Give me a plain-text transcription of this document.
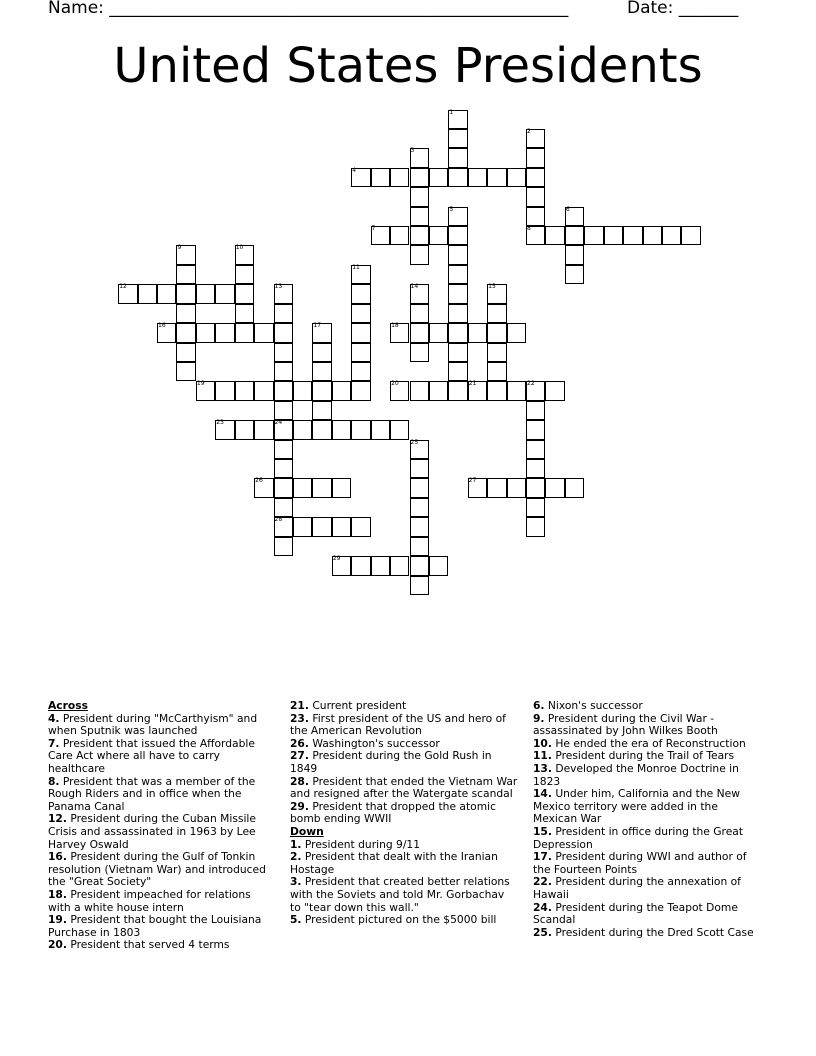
Name: ______________________________________________________	Date: _______
United States Presidents
1
2
3
4
5	6
7	8
9	10
11
12	13	14	15
16	17	18
19	20	21	22
23	24
25
26	27
28
29
Across
4. President during "McCarthyism" and when Sputnik was launched
7. President that issued the Affordable Care Act where all have to carry healthcare
8. President that was a member of the Rough Riders and in office when the Panama Canal
12. President during the Cuban Missile Crisis and assassinated in 1963 by Lee Harvey Oswald
16. President during the Gulf of Tonkin resolution (Vietnam War) and introduced the "Great Society"
18. President impeached for relations with a white house intern
19. President that bought the Louisiana Purchase in 1803
20. President that served 4 terms
21. Current president
23. First president of the US and hero of the American Revolution
26. Washington's successor
27. President during the Gold Rush in 1849
28. President that ended the Vietnam War and resigned after the Watergate scandal
29. President that dropped the atomic bomb ending WWII
Down
1. President during 9/11
2. President that dealt with the Iranian Hostage
3. President that created better relations with the Soviets and told Mr. Gorbachav to "tear down this wall."
5. President pictured on the $5000 bill
6. Nixon's successor
9. President during the Civil War - assassinated by John Wilkes Booth
10. He ended the era of Reconstruction
11. President during the Trail of Tears
13. Developed the Monroe Doctrine in 1823
14. Under him, California and the New Mexico territory were added in the Mexican War
15. President in office during the Great Depression
17. President during WWI and author of the Fourteen Points
22. President during the annexation of Hawaii
24. President during the Teapot Dome Scandal
25. President during the Dred Scott Case
